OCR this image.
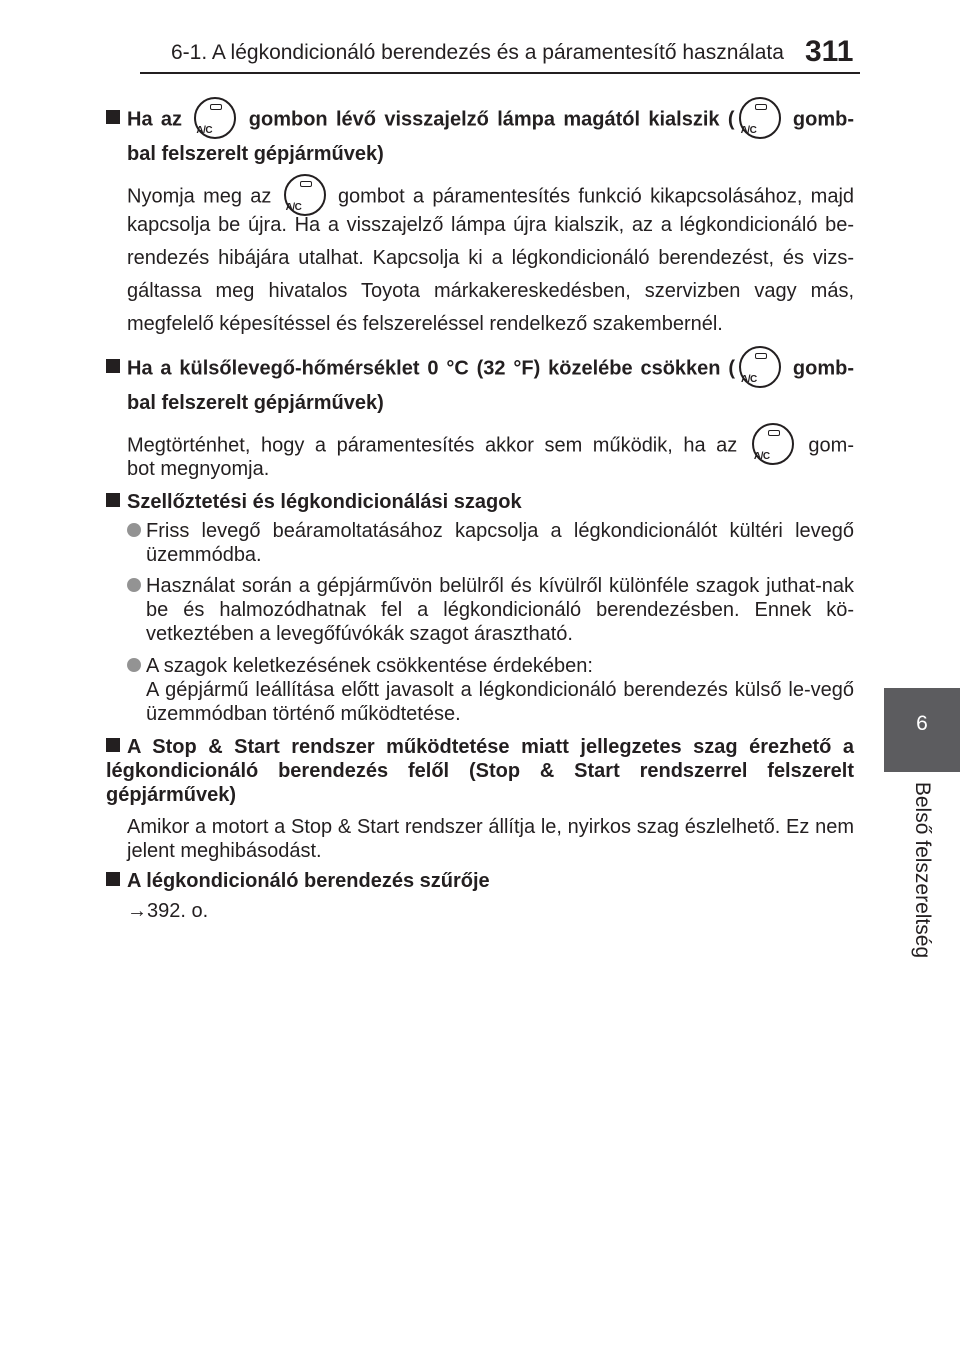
6-1. A légkondicionáló berendezés és a páramentesítő használata 311
6
Belső felszereltség
Ha az
A/C
gombon lévő visszajelző lámpa magától kialszik (
A/C
gomb-
bal felszerelt gépjárművek)
Nyomja meg az
A/C
gombot a páramentesítés funkció kikapcsolásához, majd
kapcsolja be újra. Ha a visszajelző lámpa újra kialszik, az a légkondicionáló be-rendezés hibájára utalhat. Kapcsolja ki a légkondicionáló berendezést, és vizs-gáltassa meg hivatalos Toyota márkakereskedésben, szervizben vagy más, megfelelő képesítéssel és felszereléssel rendelkező szakembernél.
Ha a külsőlevegő-hőmérséklet 0 °C (32 °F) közelébe csökken (
A/C
gomb-
bal felszerelt gépjárművek)
Megtörténhet, hogy a páramentesítés akkor sem működik, ha az
A/C
gom-
bot megnyomja.
Szellőztetési és légkondicionálási szagok
Friss levegő beáramoltatásához kapcsolja a légkondicionálót kültéri levegő üzemmódba.
Használat során a gépjárművön belülről és kívülről különféle szagok juthat-nak be és halmozódhatnak fel a légkondicionáló berendezésben. Ennek kö-vetkeztében a levegőfúvókák szagot árasztható.
A szagok keletkezésének csökkentése érdekében:
A gépjármű leállítása előtt javasolt a légkondicionáló berendezés külső le-vegő üzemmódban történő működtetése.
A Stop & Start rendszer működtetése miatt jellegzetes szag érezhető a légkondicionáló berendezés felől (Stop & Start rendszerrel felszerelt gépjárművek)
Amikor a motort a Stop & Start rendszer állítja le, nyirkos szag észlelhető. Ez nem jelent meghibásodást.
A légkondicionáló berendezés szűrője
→392. o.
